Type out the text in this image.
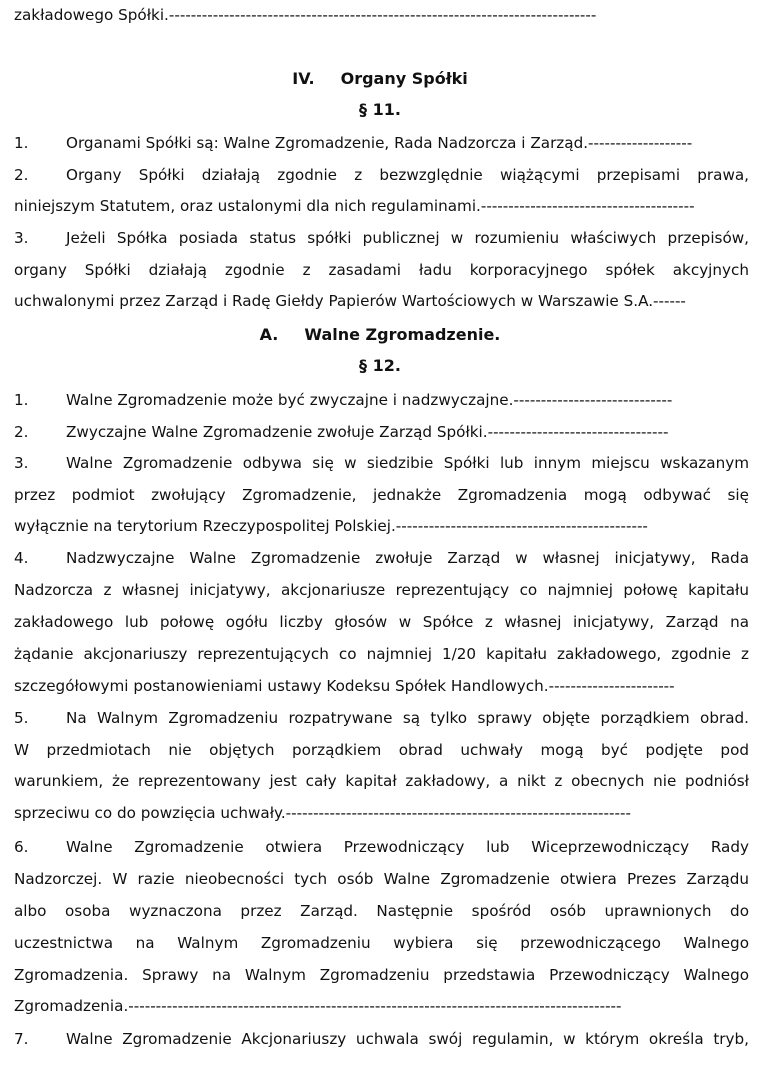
zakładowego Spółki.------------------------------------------------------------------------------
IV. Organy Spółki
§ 11.
1. Organami Spółki są: Walne Zgromadzenie, Rada Nadzorcza i Zarząd.-------------------
2. Organy Spółki działają zgodnie z bezwzględnie wiążącymi przepisami prawa,
niniejszym Statutem, oraz ustalonymi dla nich regulaminami.---------------------------------------
3. Jeżeli Spółka posiada status spółki publicznej w rozumieniu właściwych przepisów,
organy Spółki działają zgodnie z zasadami ładu korporacyjnego spółek akcyjnych
uchwalonymi przez Zarząd i Radę Giełdy Papierów Wartościowych w Warszawie S.A.------
A. Walne Zgromadzenie.
§ 12.
1. Walne Zgromadzenie może być zwyczajne i nadzwyczajne.-----------------------------
2. Zwyczajne Walne Zgromadzenie zwołuje Zarząd Spółki.---------------------------------
3. Walne Zgromadzenie odbywa się w siedzibie Spółki lub innym miejscu wskazanym
przez podmiot zwołujący Zgromadzenie, jednakże Zgromadzenia mogą odbywać się
wyłącznie na terytorium Rzeczypospolitej Polskiej.----------------------------------------------
4. Nadzwyczajne Walne Zgromadzenie zwołuje Zarząd w własnej inicjatywy, Rada
Nadzorcza z własnej inicjatywy, akcjonariusze reprezentujący co najmniej połowę kapitału
zakładowego lub połowę ogółu liczby głosów w Spółce z własnej inicjatywy, Zarząd na
żądanie akcjonariuszy reprezentujących co najmniej 1/20 kapitału zakładowego, zgodnie z
szczegółowymi postanowieniami ustawy Kodeksu Spółek Handlowych.-----------------------
5. Na Walnym Zgromadzeniu rozpatrywane są tylko sprawy objęte porządkiem obrad.
W przedmiotach nie objętych porządkiem obrad uchwały mogą być podjęte pod
warunkiem, że reprezentowany jest cały kapitał zakładowy, a nikt z obecnych nie podniósł
sprzeciwu co do powzięcia uchwały.---------------------------------------------------------------
6. Walne Zgromadzenie otwiera Przewodniczący lub Wiceprzewodniczący Rady
Nadzorczej. W razie nieobecności tych osób Walne Zgromadzenie otwiera Prezes Zarządu
albo osoba wyznaczona przez Zarząd. Następnie spośród osób uprawnionych do
uczestnictwa na Walnym Zgromadzeniu wybiera się przewodniczącego Walnego
Zgromadzenia. Sprawy na Walnym Zgromadzeniu przedstawia Przewodniczący Walnego
Zgromadzenia.------------------------------------------------------------------------------------------
7. Walne Zgromadzenie Akcjonariuszy uchwala swój regulamin, w którym określa tryb,
